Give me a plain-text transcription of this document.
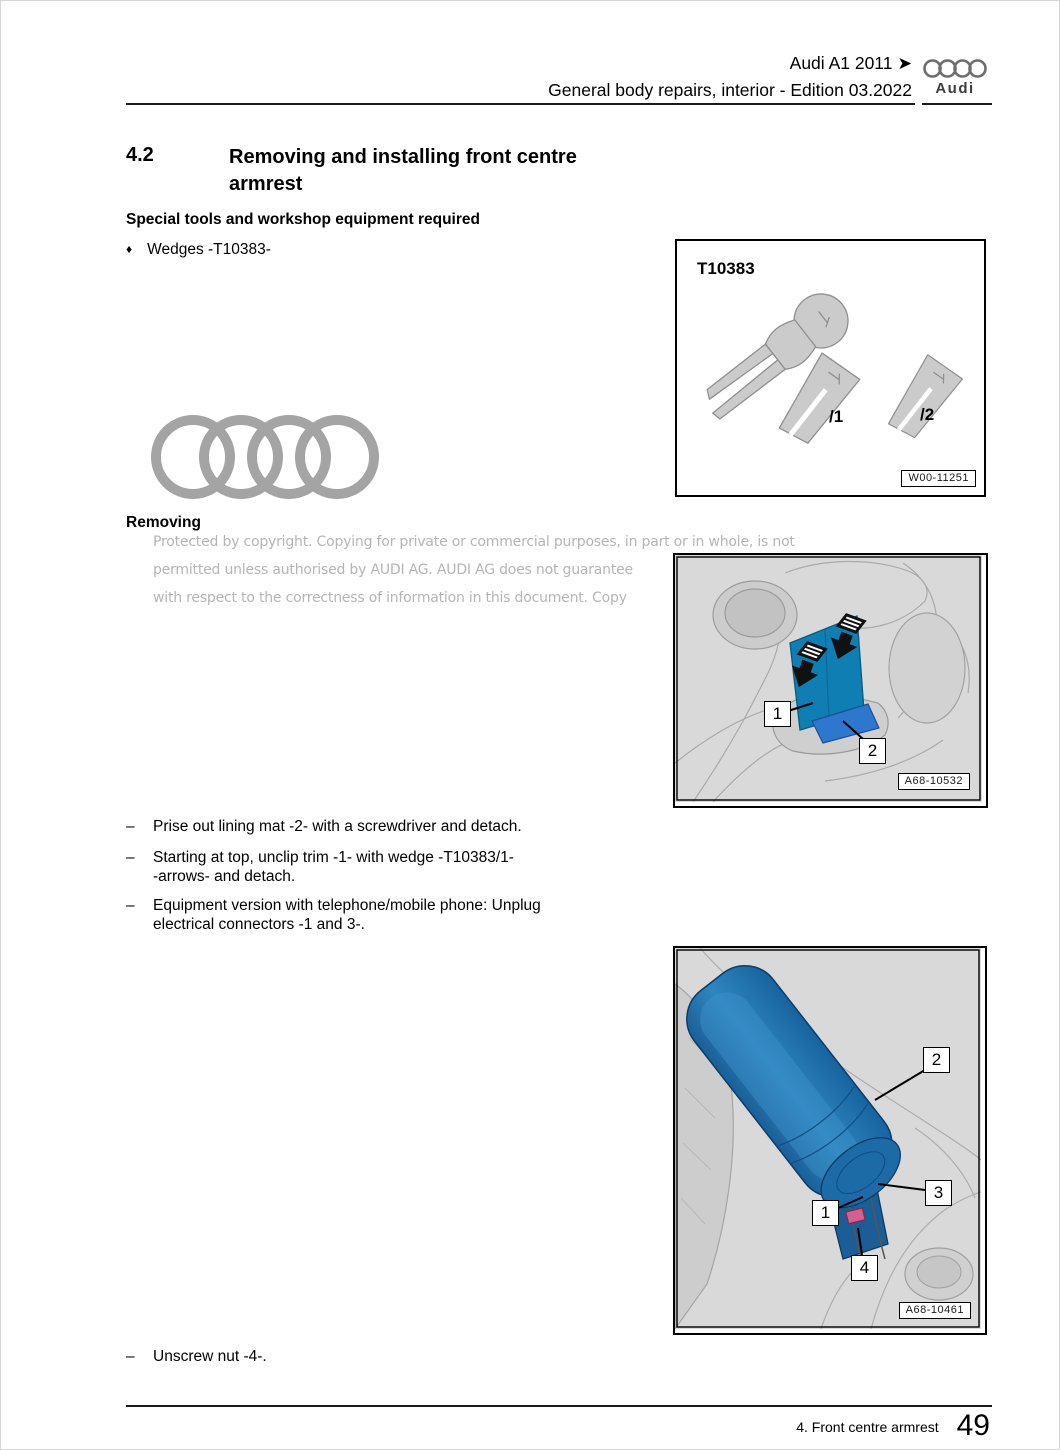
Audi A1 2011 ➤
General body repairs, interior - Edition 03.2022	Audi
4.2	Removing and installing front centre
armrest
Special tools and workshop equipment required
♦ Wedges -T10383-
T10383
/1	/2
W00-11251
Removing
Protected by copyright. Copying for private or commercial purposes, in part or in whole, is not
permitted unless authorised by AUDI AG. AUDI AG does not guarantee
with respect to the correctness of information in this document. Copy
1
2
A68-10532
–	Prise out lining mat -2- with a screwdriver and detach.
–	Starting at top, unclip trim -1- with wedge -T10383/1-
-arrows- and detach.
–	Equipment version with telephone/mobile phone: Unplug
electrical connectors -1 and 3-.
2
3
1
4
A68-10461
–	Unscrew nut -4-.
4. Front centre armrest 49
